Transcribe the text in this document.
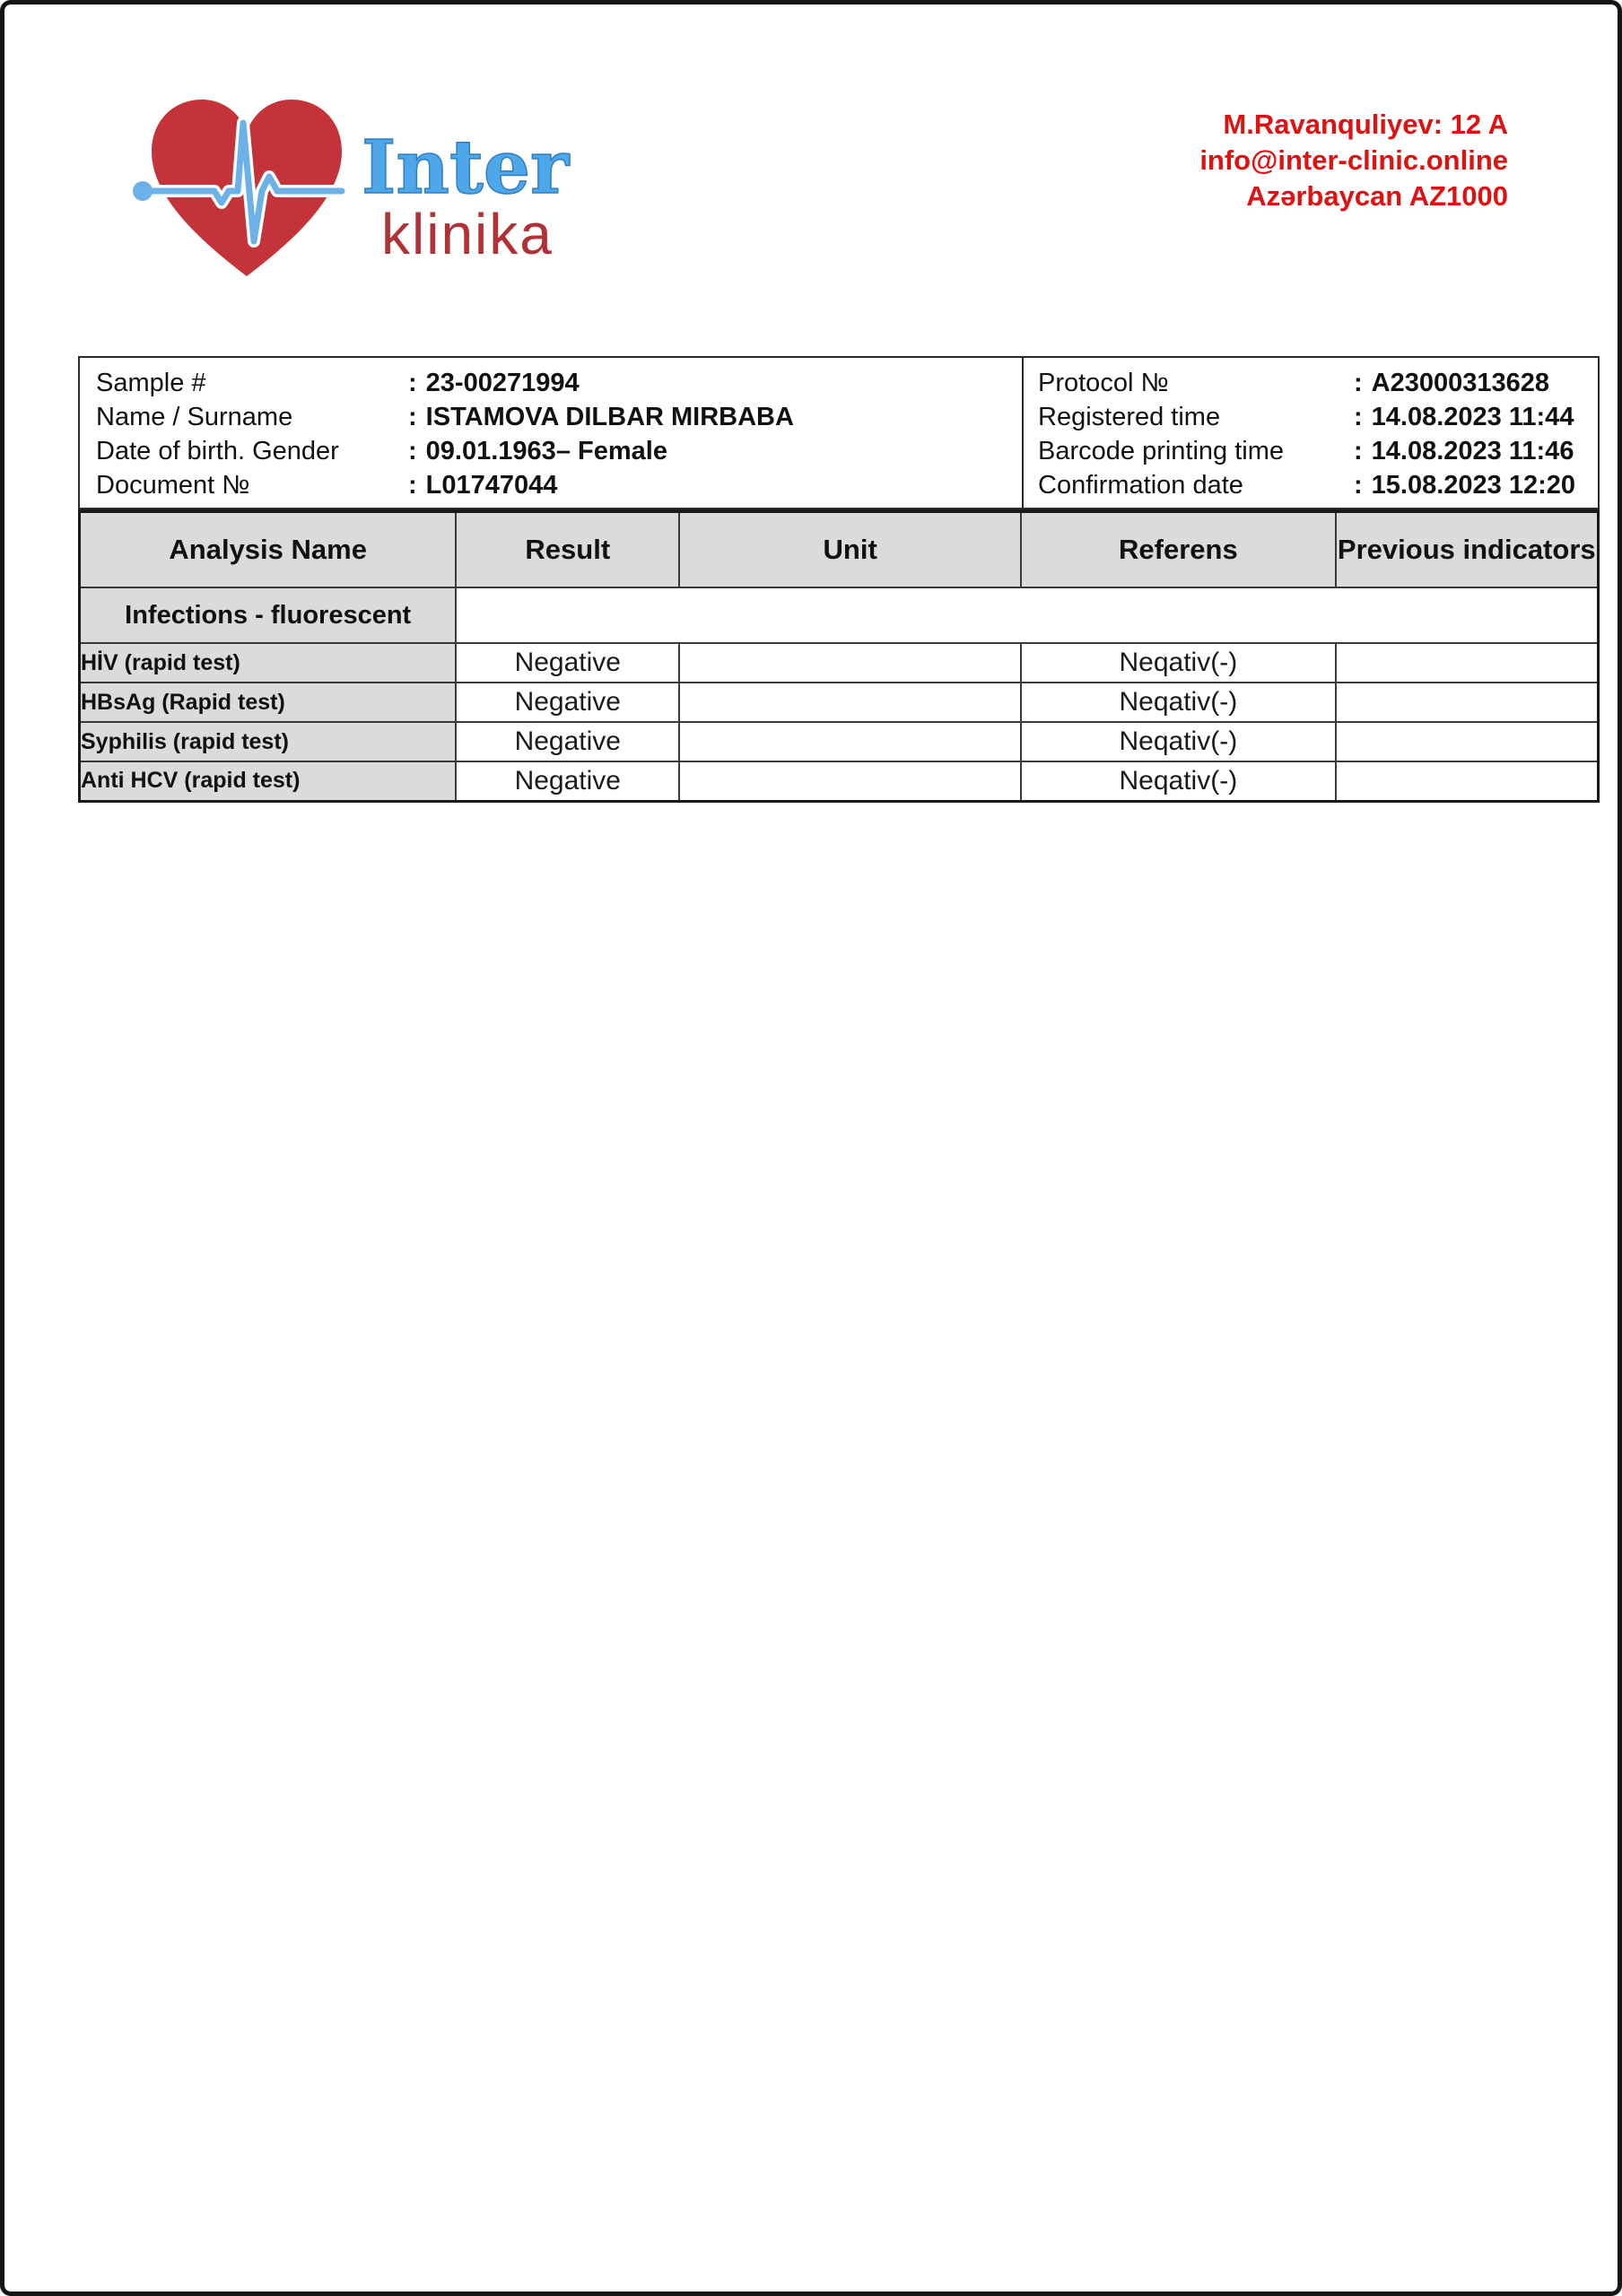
Inter
klinika
M.Ravanquliyev: 12 A
info@inter-clinic.online
Azərbaycan AZ1000
Sample #	: 23-00271994
Name / Surname	: ISTAMOVA DILBAR MIRBABA
Date of birth. Gender	: 09.01.1963– Female
Document №	: L01747044
Protocol №	: A23000313628
Registered time	: 14.08.2023 11:44
Barcode printing time	: 14.08.2023 11:46
Confirmation date	: 15.08.2023 12:20
Analysis Name	Result	Unit	Referens	Previous indicators
Infections - fluorescent				
HİV (rapid test)	Negative		Neqativ(-)	
HBsAg (Rapid test)	Negative		Neqativ(-)	
Syphilis (rapid test)	Negative		Neqativ(-)	
Anti HCV (rapid test)	Negative		Neqativ(-)	
